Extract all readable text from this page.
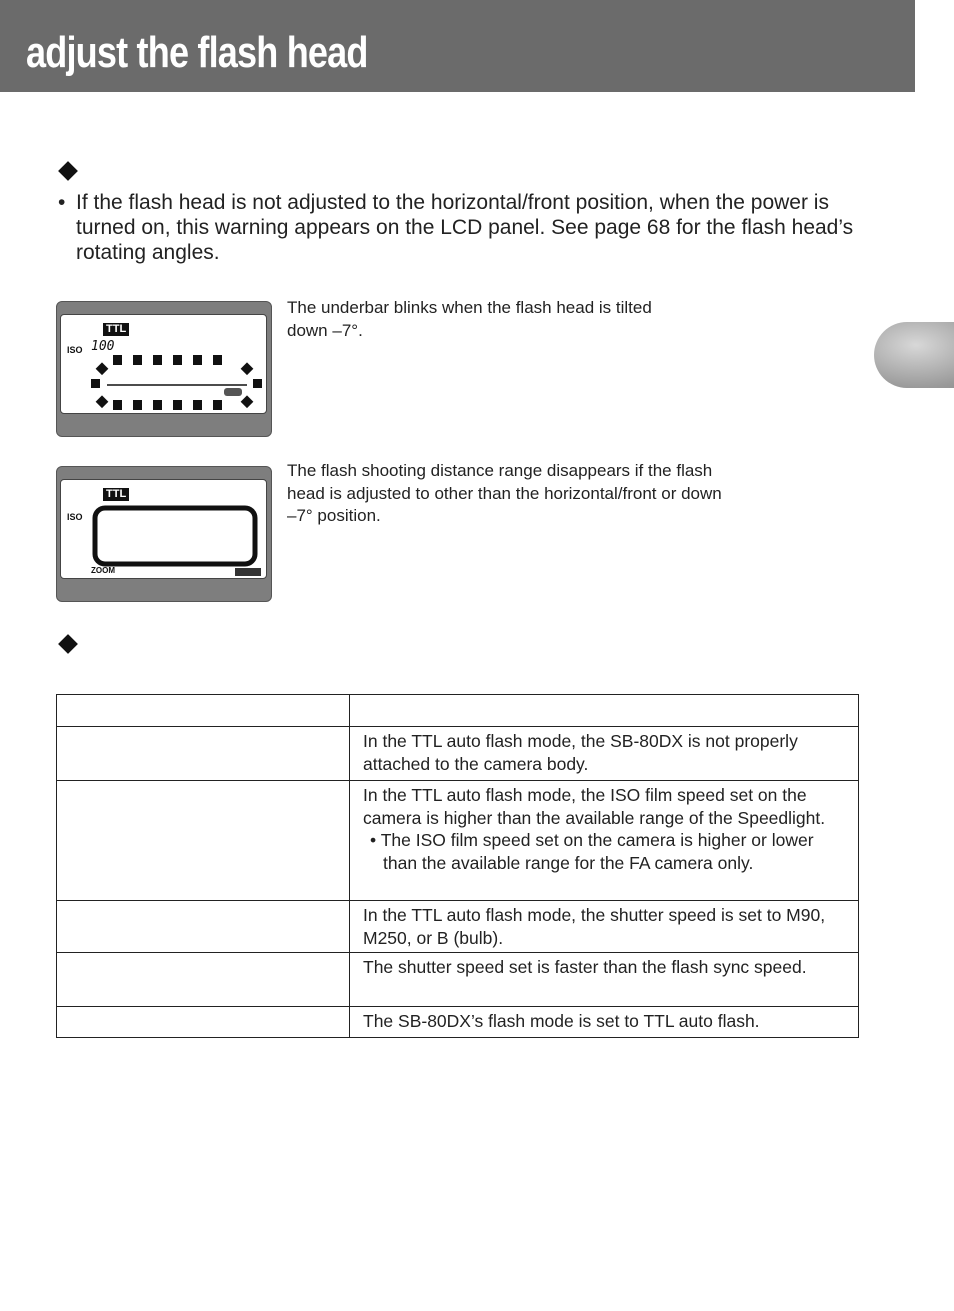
adjust the flash head
• If the flash head is not adjusted to the horizontal/front position, when the power is turned on, this warning appears on the LCD panel. See page 68 for the flash head’s rotating angles.
TTL
ISO 100
The underbar blinks when the flash head is tilted down –7°.
TTL
ISO
ZOOM
The flash shooting distance range disappears if the flash head is adjusted to other than the horizontal/front or down –7° position.

	In the TTL auto flash mode, the SB-80DX is not properly attached to the camera body.
	In the TTL auto flash mode, the ISO film speed set on the camera is higher than the available range of the Speedlight.
• The ISO film speed set on the camera is higher or lower than the available range for the FA camera only.

	In the TTL auto flash mode, the shutter speed is set to M90, M250, or B (bulb).
	The shutter speed set is faster than the flash sync speed.
	The SB-80DX’s flash mode is set to TTL auto flash.
